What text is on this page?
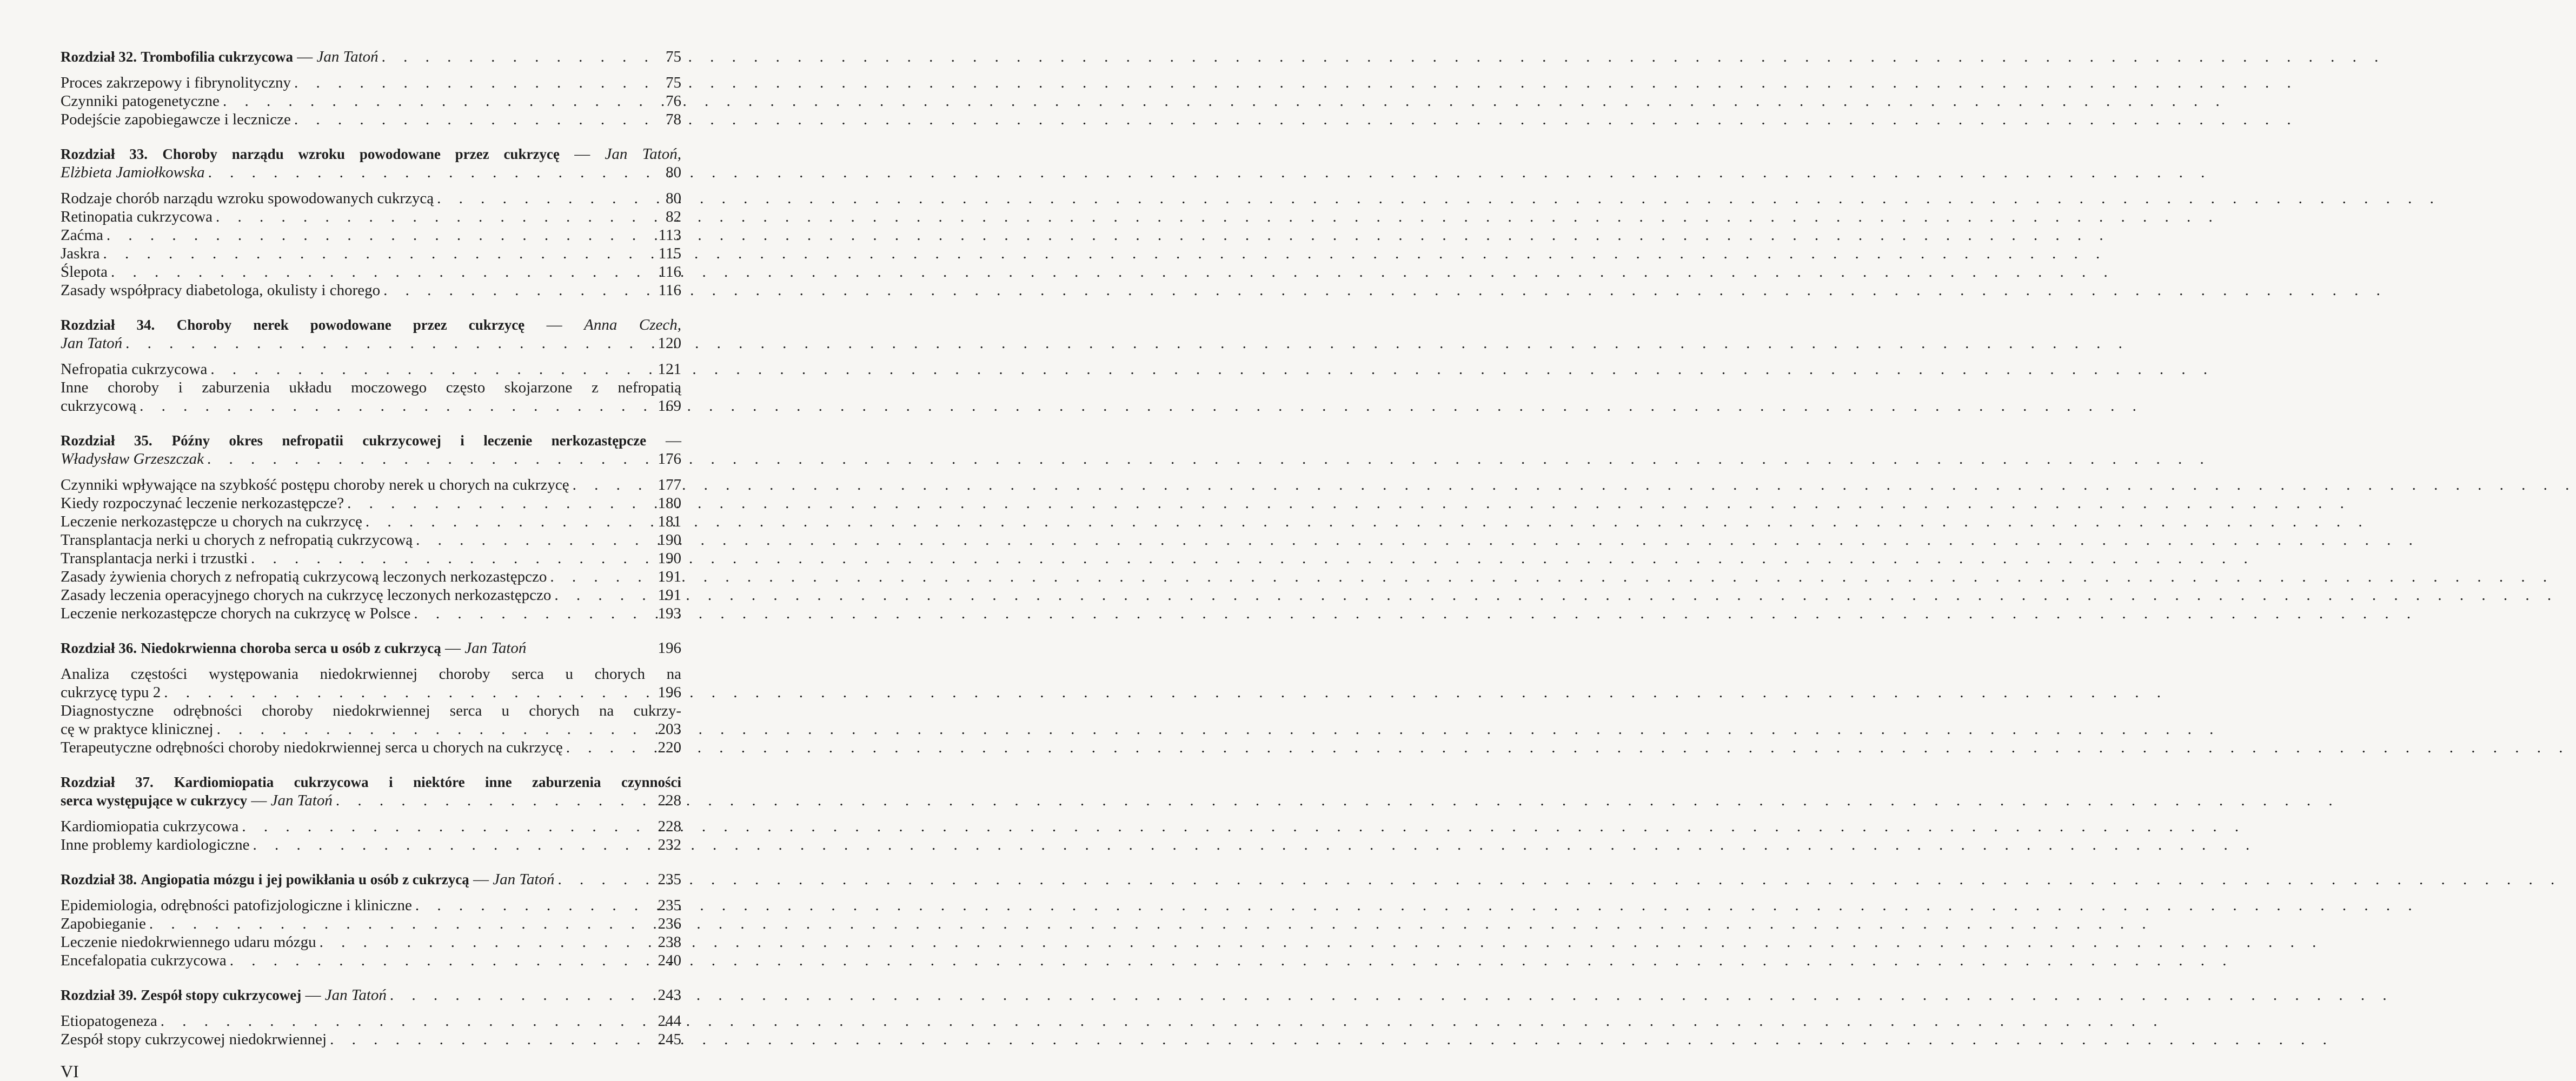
Rozdział 32. Trombofilia cukrzycowa — Jan Tatoń . . .	75
Proces zakrzepowy i fibrynolityczny . . .	75
Czynniki patogenetyczne . . .	76
Podejście zapobiegawcze i lecznicze . . .	78
Rozdział 33. Choroby narządu wzroku powodowane przez cukrzycę — Jan Tatoń,
Elżbieta Jamiołkowska . . .	80
Rodzaje chorób narządu wzroku spowodowanych cukrzycą . . .	80
Retinopatia cukrzycowa . . .	82
Zaćma . . .	113
Jaskra . . .	115
Ślepota . . .	116
Zasady współpracy diabetologa, okulisty i chorego . . .	116
Rozdział 34. Choroby nerek powodowane przez cukrzycę — Anna Czech,
Jan Tatoń . . .	120
Nefropatia cukrzycowa . . .	121
Inne choroby i zaburzenia układu moczowego często skojarzone z nefropatią
cukrzycową . . .	169
Rozdział 35. Późny okres nefropatii cukrzycowej i leczenie nerkozastępcze —
Władysław Grzeszczak . . .	176
Czynniki wpływające na szybkość postępu choroby nerek u chorych na cukrzycę . . .	177
Kiedy rozpoczynać leczenie nerkozastępcze? . . .	180
Leczenie nerkozastępcze u chorych na cukrzycę . . .	181
Transplantacja nerki u chorych z nefropatią cukrzycową . . .	190
Transplantacja nerki i trzustki . . .	190
Zasady żywienia chorych z nefropatią cukrzycową leczonych nerkozastępczo . . .	191
Zasady leczenia operacyjnego chorych na cukrzycę leczonych nerkozastępczo . . .	191
Leczenie nerkozastępcze chorych na cukrzycę w Polsce . . .	193
Rozdział 36. Niedokrwienna choroba serca u osób z cukrzycą — Jan Tatoń	196
Analiza częstości występowania niedokrwiennej choroby serca u chorych na
cukrzycę typu 2 . . .	196
Diagnostyczne odrębności choroby niedokrwiennej serca u chorych na cukrzy-
cę w praktyce klinicznej . . .	203
Terapeutyczne odrębności choroby niedokrwiennej serca u chorych na cukrzycę . . .	220
Rozdział 37. Kardiomiopatia cukrzycowa i niektóre inne zaburzenia czynności
serca występujące w cukrzycy — Jan Tatoń . . .	228
Kardiomiopatia cukrzycowa . . .	228
Inne problemy kardiologiczne . . .	232
Rozdział 38. Angiopatia mózgu i jej powikłania u osób z cukrzycą — Jan Tatoń . . .	235
Epidemiologia, odrębności patofizjologiczne i kliniczne . . .	235
Zapobieganie . . .	236
Leczenie niedokrwiennego udaru mózgu . . .	238
Encefalopatia cukrzycowa . . .	240
Rozdział 39. Zespół stopy cukrzycowej — Jan Tatoń . . .	243
Etiopatogeneza . . .	244
Zespół stopy cukrzycowej niedokrwiennej . . .	245
VI
